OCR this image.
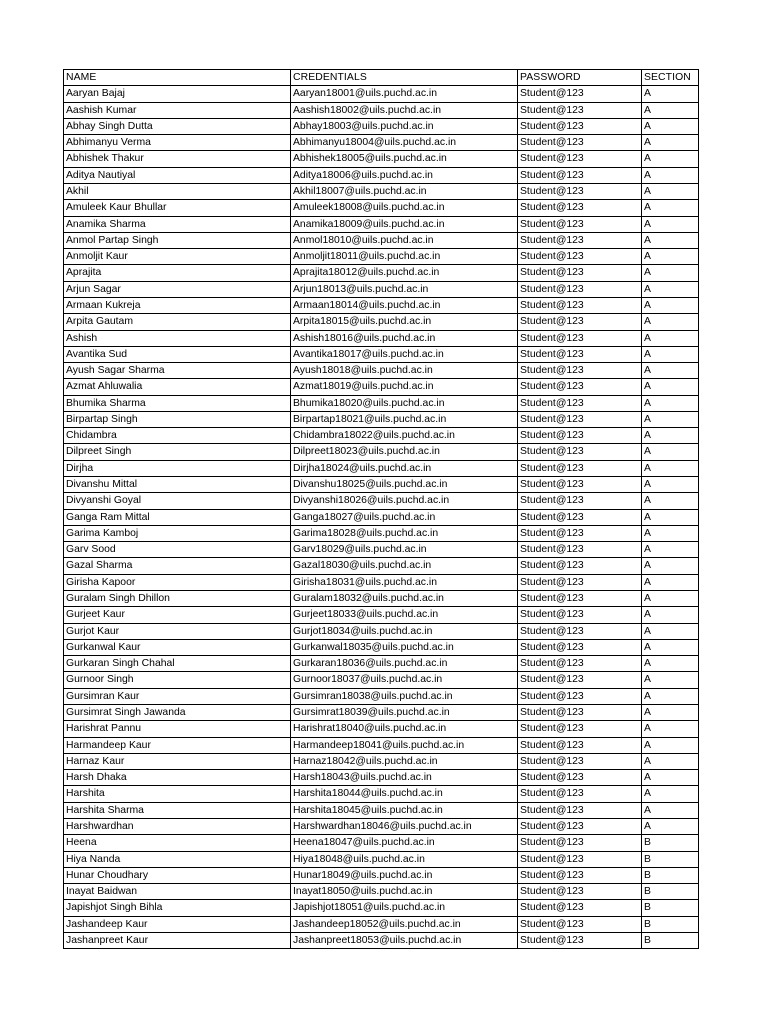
NAME	CREDENTIALS	PASSWORD	SECTION
Aaryan Bajaj	Aaryan18001@uils.puchd.ac.in	Student@123	A
Aashish Kumar	Aashish18002@uils.puchd.ac.in	Student@123	A
Abhay Singh Dutta	Abhay18003@uils.puchd.ac.in	Student@123	A
Abhimanyu Verma	Abhimanyu18004@uils.puchd.ac.in	Student@123	A
Abhishek Thakur	Abhishek18005@uils.puchd.ac.in	Student@123	A
Aditya Nautiyal	Aditya18006@uils.puchd.ac.in	Student@123	A
Akhil	Akhil18007@uils.puchd.ac.in	Student@123	A
Amuleek Kaur Bhullar	Amuleek18008@uils.puchd.ac.in	Student@123	A
Anamika Sharma	Anamika18009@uils.puchd.ac.in	Student@123	A
Anmol Partap Singh	Anmol18010@uils.puchd.ac.in	Student@123	A
Anmoljit Kaur	Anmoljit18011@uils.puchd.ac.in	Student@123	A
Aprajita	Aprajita18012@uils.puchd.ac.in	Student@123	A
Arjun Sagar	Arjun18013@uils.puchd.ac.in	Student@123	A
Armaan Kukreja	Armaan18014@uils.puchd.ac.in	Student@123	A
Arpita Gautam	Arpita18015@uils.puchd.ac.in	Student@123	A
Ashish	Ashish18016@uils.puchd.ac.in	Student@123	A
Avantika Sud	Avantika18017@uils.puchd.ac.in	Student@123	A
Ayush Sagar Sharma	Ayush18018@uils.puchd.ac.in	Student@123	A
Azmat Ahluwalia	Azmat18019@uils.puchd.ac.in	Student@123	A
Bhumika Sharma	Bhumika18020@uils.puchd.ac.in	Student@123	A
Birpartap Singh	Birpartap18021@uils.puchd.ac.in	Student@123	A
Chidambra	Chidambra18022@uils.puchd.ac.in	Student@123	A
Dilpreet Singh	Dilpreet18023@uils.puchd.ac.in	Student@123	A
Dirjha	Dirjha18024@uils.puchd.ac.in	Student@123	A
Divanshu Mittal	Divanshu18025@uils.puchd.ac.in	Student@123	A
Divyanshi Goyal	Divyanshi18026@uils.puchd.ac.in	Student@123	A
Ganga Ram Mittal	Ganga18027@uils.puchd.ac.in	Student@123	A
Garima Kamboj	Garima18028@uils.puchd.ac.in	Student@123	A
Garv Sood	Garv18029@uils.puchd.ac.in	Student@123	A
Gazal Sharma	Gazal18030@uils.puchd.ac.in	Student@123	A
Girisha Kapoor	Girisha18031@uils.puchd.ac.in	Student@123	A
Guralam Singh Dhillon	Guralam18032@uils.puchd.ac.in	Student@123	A
Gurjeet Kaur	Gurjeet18033@uils.puchd.ac.in	Student@123	A
Gurjot Kaur	Gurjot18034@uils.puchd.ac.in	Student@123	A
Gurkanwal Kaur	Gurkanwal18035@uils.puchd.ac.in	Student@123	A
Gurkaran Singh Chahal	Gurkaran18036@uils.puchd.ac.in	Student@123	A
Gurnoor Singh	Gurnoor18037@uils.puchd.ac.in	Student@123	A
Gursimran Kaur	Gursimran18038@uils.puchd.ac.in	Student@123	A
Gursimrat Singh Jawanda	Gursimrat18039@uils.puchd.ac.in	Student@123	A
Harishrat Pannu	Harishrat18040@uils.puchd.ac.in	Student@123	A
Harmandeep Kaur	Harmandeep18041@uils.puchd.ac.in	Student@123	A
Harnaz Kaur	Harnaz18042@uils.puchd.ac.in	Student@123	A
Harsh Dhaka	Harsh18043@uils.puchd.ac.in	Student@123	A
Harshita	Harshita18044@uils.puchd.ac.in	Student@123	A
Harshita Sharma	Harshita18045@uils.puchd.ac.in	Student@123	A
Harshwardhan	Harshwardhan18046@uils.puchd.ac.in	Student@123	A
Heena	Heena18047@uils.puchd.ac.in	Student@123	B
Hiya Nanda	Hiya18048@uils.puchd.ac.in	Student@123	B
Hunar Choudhary	Hunar18049@uils.puchd.ac.in	Student@123	B
Inayat Baidwan	Inayat18050@uils.puchd.ac.in	Student@123	B
Japishjot Singh Bihla	Japishjot18051@uils.puchd.ac.in	Student@123	B
Jashandeep Kaur	Jashandeep18052@uils.puchd.ac.in	Student@123	B
Jashanpreet Kaur	Jashanpreet18053@uils.puchd.ac.in	Student@123	B
